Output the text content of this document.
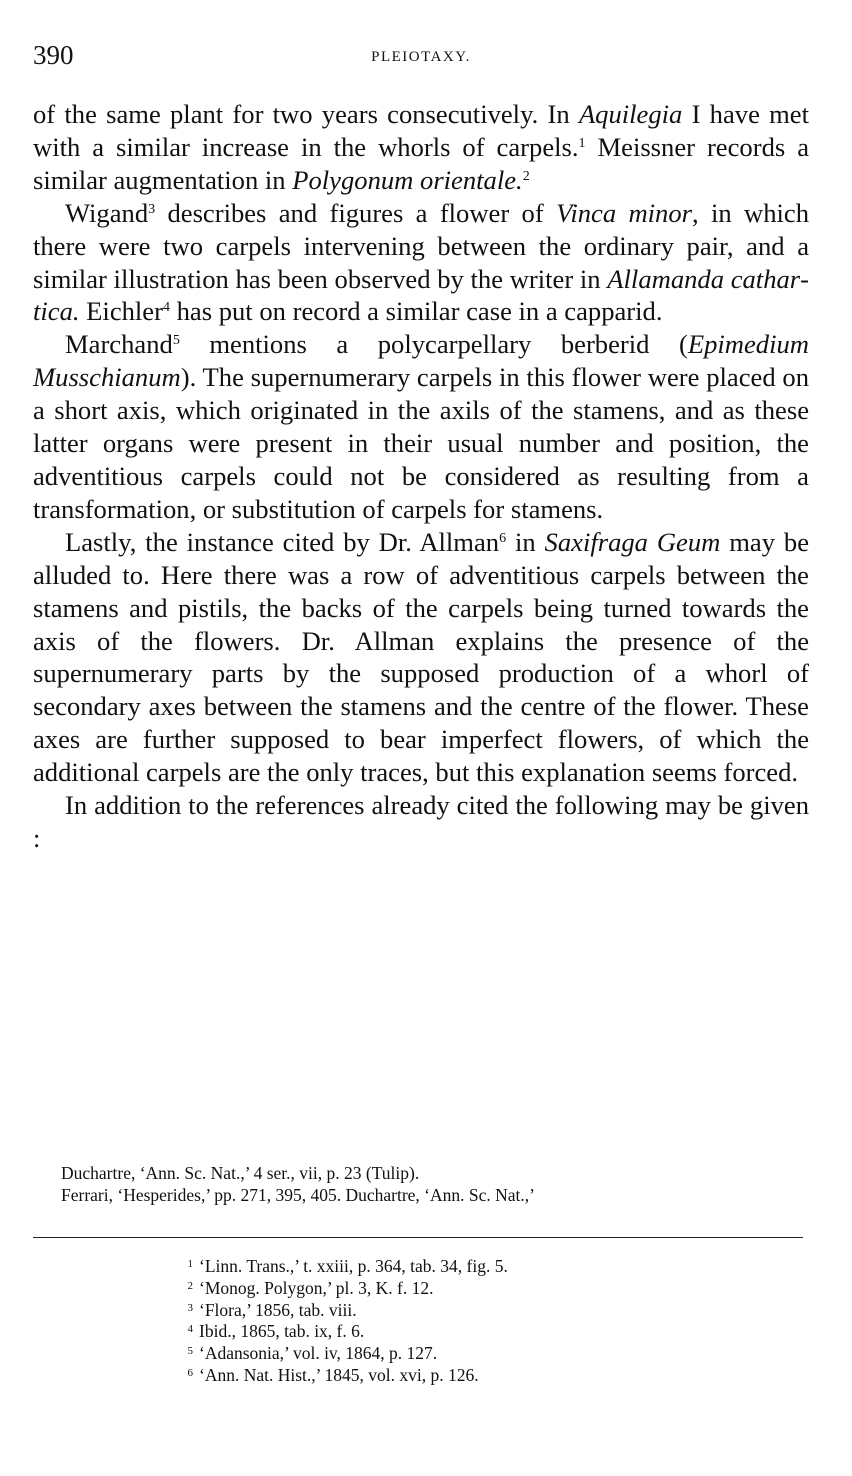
390	PLEIOTAXY.

of the same plant for two years consecutively. In Aquilegia I have met with a similar increase in the whorls of carpels.$^1$ Meissner records a similar augmentation in Polygonum orientale.$^2$

Wigand$^3$ describes and figures a flower of Vinca minor, in which there were two carpels intervening between the ordinary pair, and a similar illustration has been observed by the writer in Allamanda cathartica. Eichler$^4$ has put on record a similar case in a capparid.

Marchand$^5$ mentions a polycarpellary berberid (Epimedium Musschianum). The supernumerary carpels in this flower were placed on a short axis, which originated in the axils of the stamens, and as these latter organs were present in their usual number and position, the adventitious carpels could not be considered as resulting from a transformation, or substitution of carpels for stamens.

Lastly, the instance cited by Dr. Allman$^6$ in Saxifraga Geum may be alluded to. Here there was a row of adventitious carpels between the stamens and pistils, the backs of the carpels being turned towards the axis of the flowers. Dr. Allman explains the presence of the supernumerary parts by the supposed production of a whorl of secondary axes between the stamens and the centre of the flower. These axes are further supposed to bear imperfect flowers, of which the additional carpels are the only traces, but this explanation seems forced.

In addition to the references already cited the following may be given :

Duchartre, ‘Ann. Sc. Nat.,’ 4 ser., vii, p. 23 (Tulip).

Ferrari, ‘Hesperides,’ pp. 271, 395, 405. Duchartre, ‘Ann. Sc. Nat.,’

1 ‘Linn. Trans.,’ t. xxiii, p. 364, tab. 34, fig. 5.
2 ‘Monog. Polygon,’ pl. 3, K. f. 12.
3 ‘Flora,’ 1856, tab. viii.
4 Ibid., 1865, tab. ix, f. 6.
5 ‘Adansonia,’ vol. iv, 1864, p. 127.
6 ‘Ann. Nat. Hist.,’ 1845, vol. xvi, p. 126.
